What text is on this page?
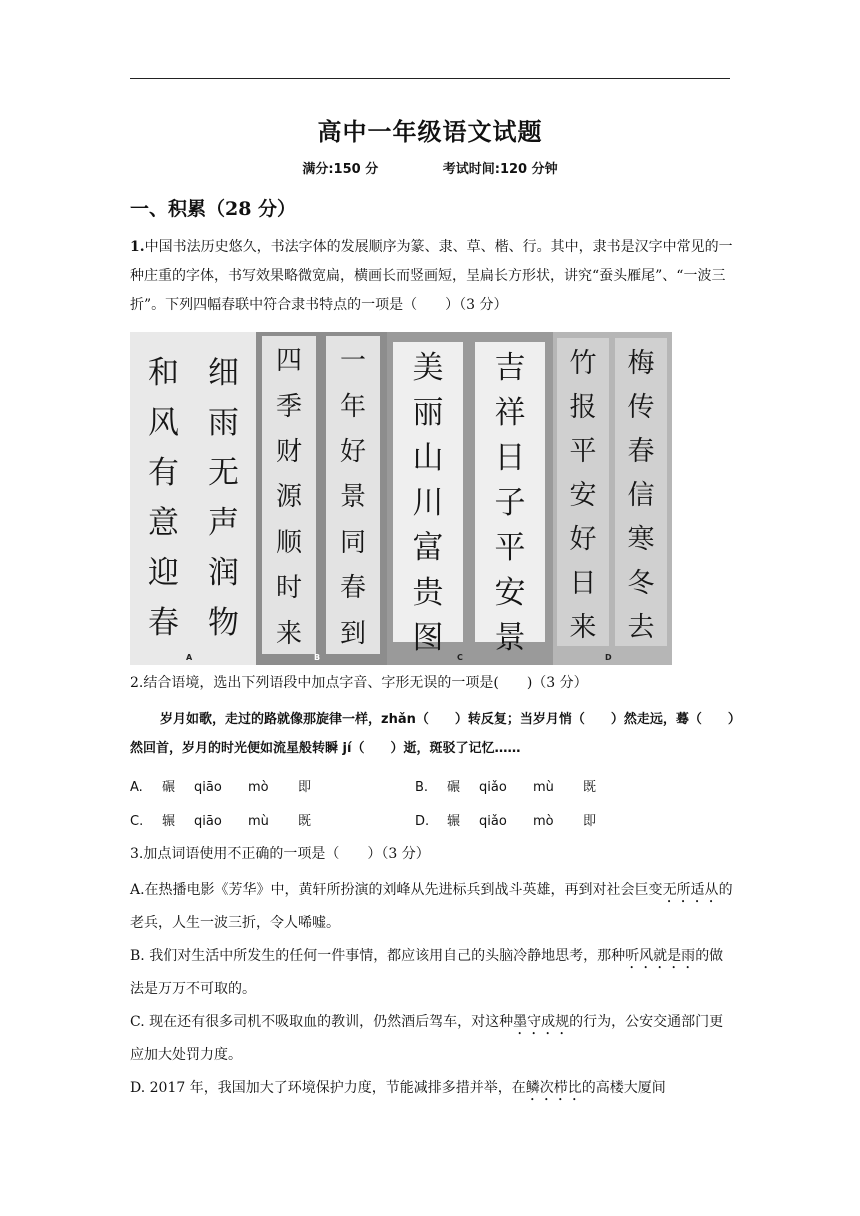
高中一年级语文试题
满分:150 分	考试时间:120 分钟
一、积累（28 分）
1.中国书法历史悠久，书法字体的发展顺序为篆、隶、草、楷、行。其中，隶书是汉字中常见的一种庄重的字体，书写效果略微宽扁，横画长而竖画短，呈扁长方形状，讲究“蚕头雁尾”、“一波三折”。下列四幅春联中符合隶书特点的一项是（　　）（3 分）
和
风
有
意
迎
春
细
雨
无
声
润
物
A
四
季
财
源
顺
时
来
一
年
好
景
同
春
到
B
美
丽
山
川
富
贵
图
吉
祥
日
子
平
安
景
C
竹
报
平
安
好
日
来
梅
传
春
信
寒
冬
去
D
2.结合语境，选出下列语段中加点字音、字形无误的一项是(　　)（3 分）
岁月如歌，走过的路就像那旋律一样，zhǎn（　　）转反复；当岁月悄（　　）然走远，蓦（　　）然回首，岁月的时光便如流星般转瞬 jí（　　）逝，斑驳了记忆……
A. 碾 qiāo mò 即	B. 碾 qiǎo mù 既
C. 辗 qiāo mù 既	D. 辗 qiǎo mò 即
3.加点词语使用不正确的一项是（　　）（3 分）
A.在热播电影《芳华》中，黄轩所扮演的刘峰从先进标兵到战斗英雄，再到对社会巨变无所适从的老兵，人生一波三折，令人唏嘘。
B. 我们对生活中所发生的任何一件事情，都应该用自己的头脑冷静地思考，那种听风就是雨的做法是万万不可取的。
C. 现在还有很多司机不吸取血的教训，仍然酒后驾车，对这种墨守成规的行为，公安交通部门更应加大处罚力度。
D. 2017 年，我国加大了环境保护力度，节能减排多措并举，在鳞次栉比的高楼大厦间
